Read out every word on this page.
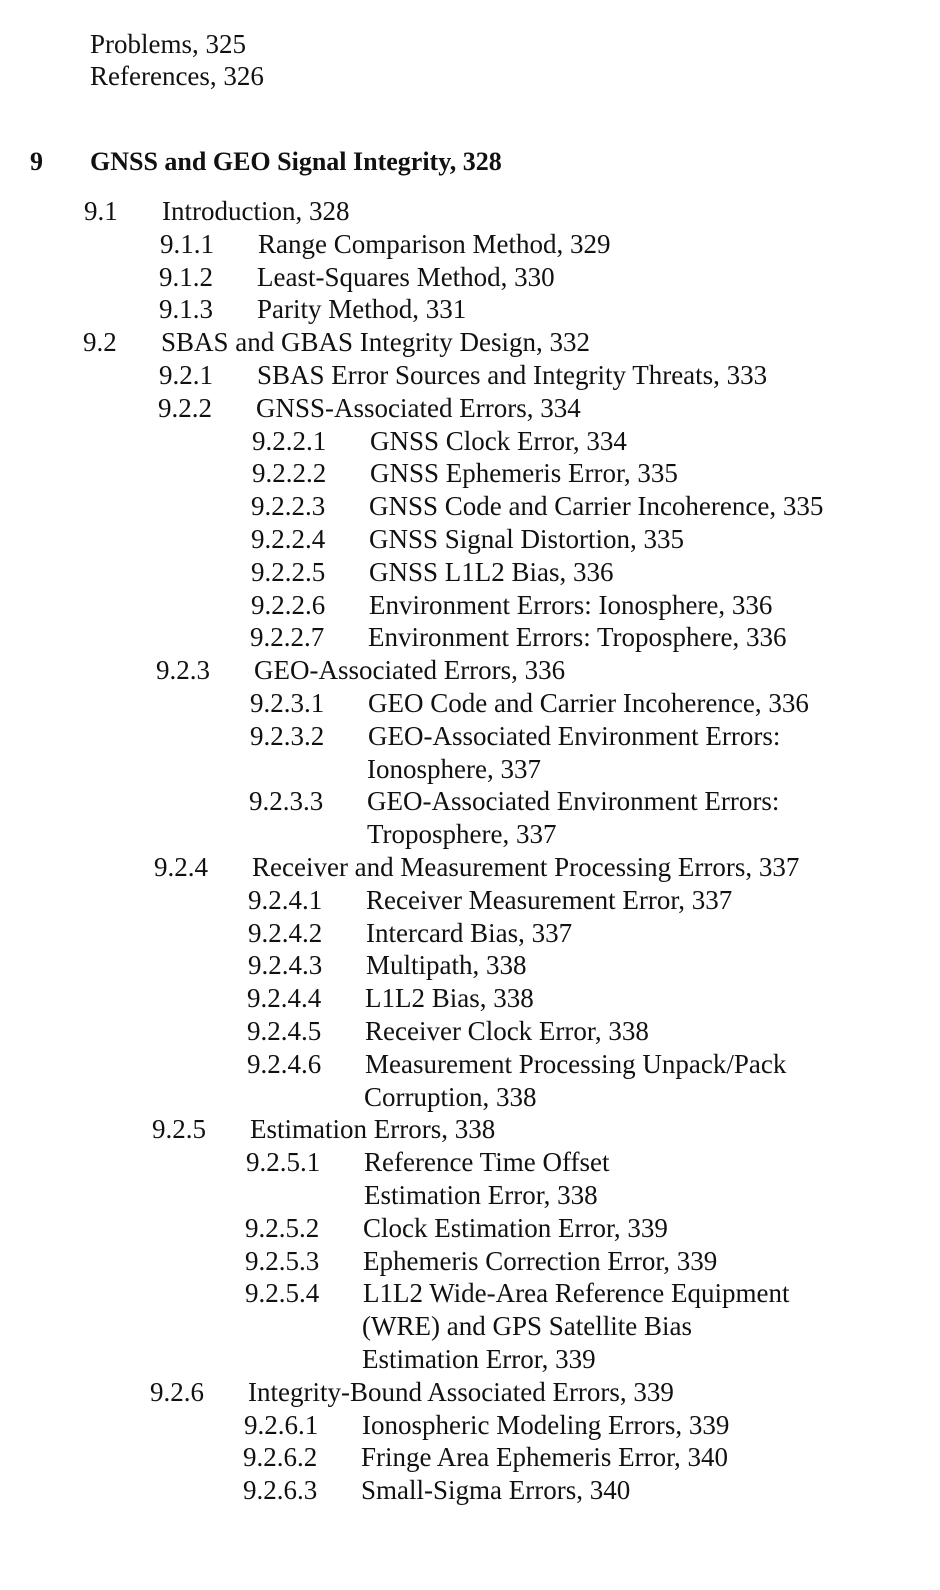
Problems, 325
References, 326
9 GNSS and GEO Signal Integrity, 328
9.1 Introduction, 328
9.1.1 Range Comparison Method, 329
9.1.2 Least-Squares Method, 330
9.1.3 Parity Method, 331
9.2 SBAS and GBAS Integrity Design, 332
9.2.1 SBAS Error Sources and Integrity Threats, 333
9.2.2 GNSS-Associated Errors, 334
9.2.2.1 GNSS Clock Error, 334
9.2.2.2 GNSS Ephemeris Error, 335
9.2.2.3 GNSS Code and Carrier Incoherence, 335
9.2.2.4 GNSS Signal Distortion, 335
9.2.2.5 GNSS L1L2 Bias, 336
9.2.2.6 Environment Errors: Ionosphere, 336
9.2.2.7 Environment Errors: Troposphere, 336
9.2.3 GEO-Associated Errors, 336
9.2.3.1 GEO Code and Carrier Incoherence, 336
9.2.3.2 GEO-Associated Environment Errors:
Ionosphere, 337
9.2.3.3 GEO-Associated Environment Errors:
Troposphere, 337
9.2.4 Receiver and Measurement Processing Errors, 337
9.2.4.1 Receiver Measurement Error, 337
9.2.4.2 Intercard Bias, 337
9.2.4.3 Multipath, 338
9.2.4.4 L1L2 Bias, 338
9.2.4.5 Receiver Clock Error, 338
9.2.4.6 Measurement Processing Unpack/Pack
Corruption, 338
9.2.5 Estimation Errors, 338
9.2.5.1 Reference Time Offset
Estimation Error, 338
9.2.5.2 Clock Estimation Error, 339
9.2.5.3 Ephemeris Correction Error, 339
9.2.5.4 L1L2 Wide-Area Reference Equipment
(WRE) and GPS Satellite Bias
Estimation Error, 339
9.2.6 Integrity-Bound Associated Errors, 339
9.2.6.1 Ionospheric Modeling Errors, 339
9.2.6.2 Fringe Area Ephemeris Error, 340
9.2.6.3 Small-Sigma Errors, 340
